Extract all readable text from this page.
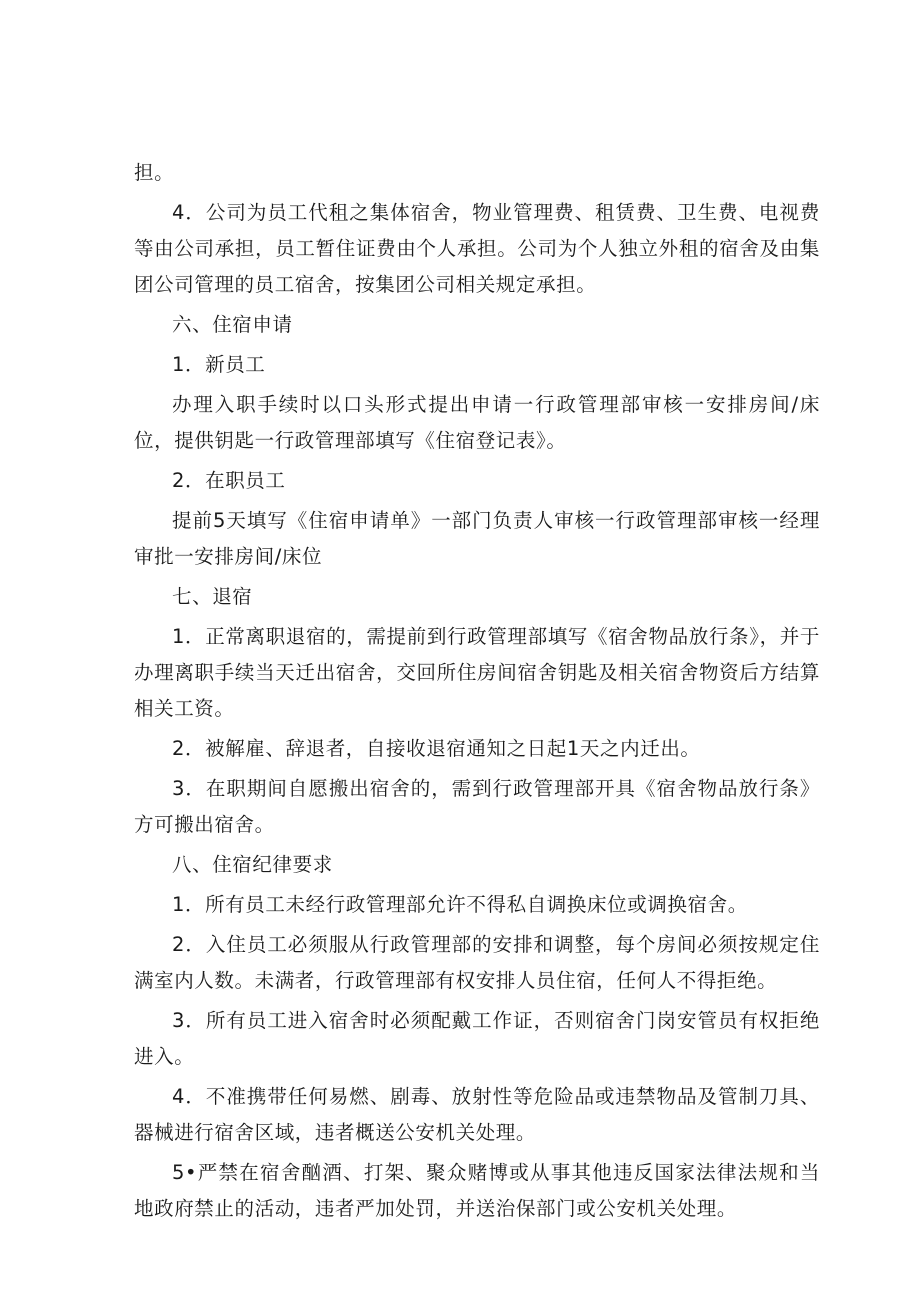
担。

4．公司为员工代租之集体宿舍，物业管理费、租赁费、卫生费、电视费等由公司承担，员工暂住证费由个人承担。公司为个人独立外租的宿舍及由集团公司管理的员工宿舍，按集团公司相关规定承担。

六、住宿申请

1．新员工

办理入职手续时以口头形式提出申请一行政管理部审核一安排房间/床位，提供钥匙一行政管理部填写《住宿登记表》。

2．在职员工

提前5天填写《住宿申请单》一部门负责人审核一行政管理部审核一经理审批一安排房间/床位

七、退宿

1．正常离职退宿的，需提前到行政管理部填写《宿舍物品放行条》，并于办理离职手续当天迁出宿舍，交回所住房间宿舍钥匙及相关宿舍物资后方结算相关工资。

2．被解雇、辞退者，自接收退宿通知之日起1天之内迁出。

3．在职期间自愿搬出宿舍的，需到行政管理部开具《宿舍物品放行条》方可搬出宿舍。

八、住宿纪律要求

1．所有员工未经行政管理部允许不得私自调换床位或调换宿舍。

2．入住员工必须服从行政管理部的安排和调整，每个房间必须按规定住满室内人数。未满者，行政管理部有权安排人员住宿，任何人不得拒绝。

3．所有员工进入宿舍时必须配戴工作证，否则宿舍门岗安管员有权拒绝进入。

4．不准携带任何易燃、剧毒、放射性等危险品或违禁物品及管制刀具、器械进行宿舍区域，违者概送公安机关处理。

5•严禁在宿舍酗酒、打架、聚众赌博或从事其他违反国家法律法规和当地政府禁止的活动，违者严加处罚，并送治保部门或公安机关处理。
